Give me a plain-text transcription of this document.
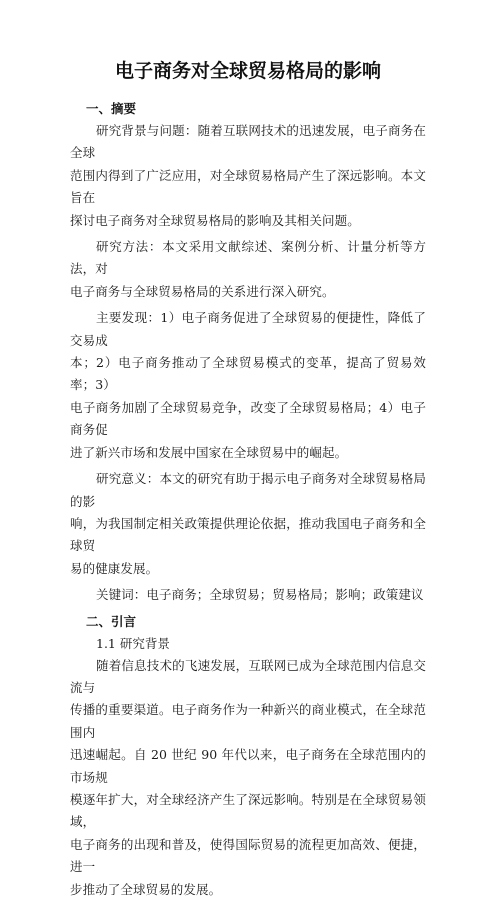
电子商务对全球贸易格局的影响
一、摘要

研究背景与问题：随着互联网技术的迅速发展，电子商务在全球
范围内得到了广泛应用，对全球贸易格局产生了深远影响。本文旨在
探讨电子商务对全球贸易格局的影响及其相关问题。

研究方法：本文采用文献综述、案例分析、计量分析等方法，对
电子商务与全球贸易格局的关系进行深入研究。

主要发现：1）电子商务促进了全球贸易的便捷性，降低了交易成
本；2）电子商务推动了全球贸易模式的变革，提高了贸易效率；3）
电子商务加剧了全球贸易竞争，改变了全球贸易格局；4）电子商务促
进了新兴市场和发展中国家在全球贸易中的崛起。

研究意义：本文的研究有助于揭示电子商务对全球贸易格局的影
响，为我国制定相关政策提供理论依据，推动我国电子商务和全球贸
易的健康发展。

关键词：电子商务；全球贸易；贸易格局；影响；政策建议

二、引言
1.1 研究背景

随着信息技术的飞速发展，互联网已成为全球范围内信息交流与
传播的重要渠道。电子商务作为一种新兴的商业模式，在全球范围内
迅速崛起。自 20 世纪 90 年代以来，电子商务在全球范围内的市场规
模逐年扩大，对全球经济产生了深远影响。特别是在全球贸易领域，
电子商务的出现和普及，使得国际贸易的流程更加高效、便捷，进一
步推动了全球贸易的发展。
